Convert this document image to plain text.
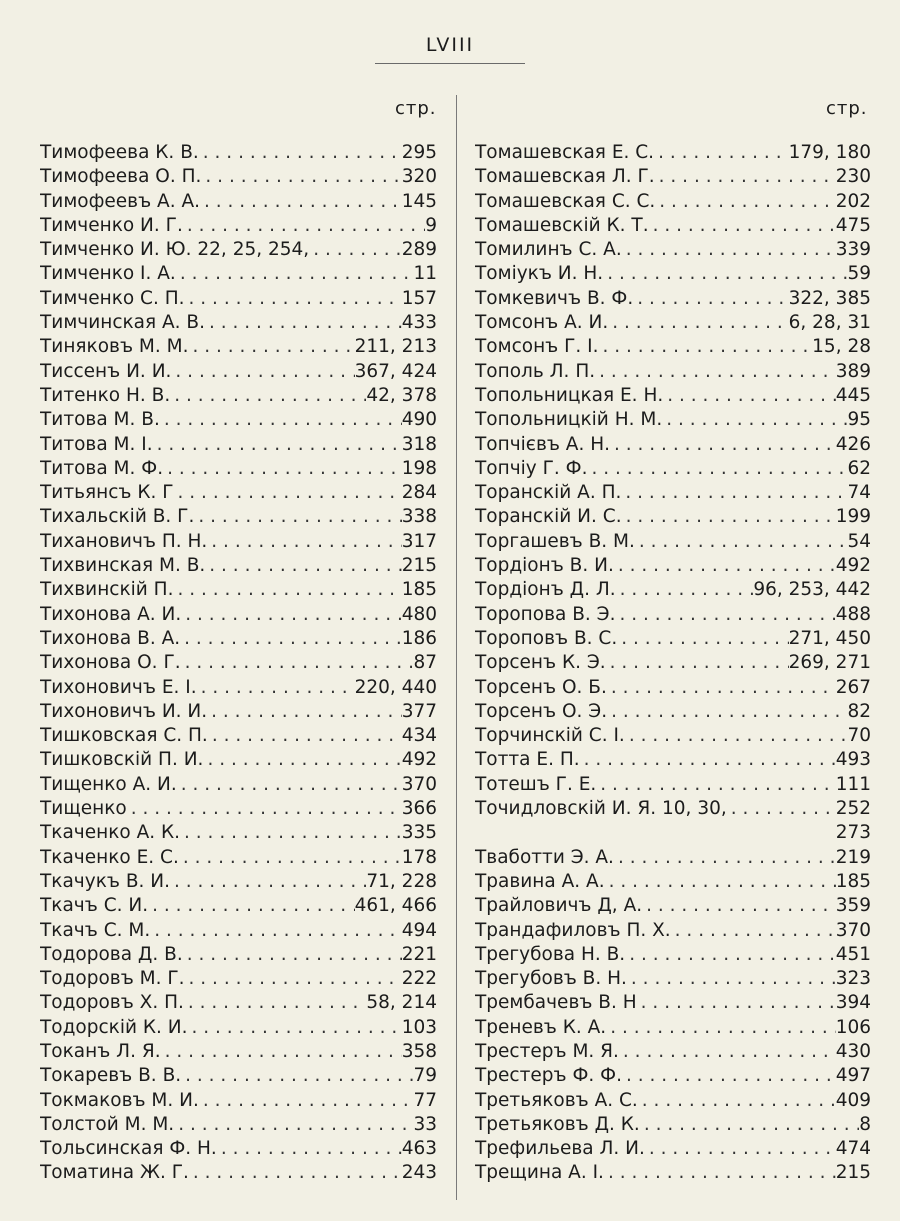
LVIII
стр.	стр.
Тимофеева К. В. . . .	295
Тимофеева О. П. . . .	320
Тимофеевъ А. А. . . .	145
Тимченко И. Г. . . .	9
Тимченко И. Ю. 22, 25, 254, . . .	289
Тимченко І. А. . . .	11
Тимченко С. П. . . .	157
Тимчинская А. В. . . .	433
Тиняковъ М. М. . . .	211, 213
Тиссенъ И. И. . . .	367, 424
Титенко Н. В. . . .	42, 378
Титова М. В. . . .	490
Титова М. І. . . .	318
Титова М. Ф. . . .	198
Титьянсъ К. Г . . .	284
Тихальскій В. Г. . . .	338
Тихановичъ П. Н. . . .	317
Тихвинская М. В. . . .	215
Тихвинскій П. . . .	185
Тихонова А. И. . . .	480
Тихонова В. А. . . .	186
Тихонова О. Г. . . .	87
Тихоновичъ Е. І. . . .	220, 440
Тихоновичъ И. И. . . .	377
Тишковская С. П. . . .	434
Тишковскій П. И. . . .	492
Тищенко А. И. . . .	370
Тищенко . . .	366
Ткаченко А. К. . . .	335
Ткаченко Е. С. . . .	178
Ткачукъ В. И. . . .	71, 228
Ткачъ С. И. . . .	461, 466
Ткачъ С. М. . . .	494
Тодорова Д. В. . . .	221
Тодоровъ М. Г. . . .	222
Тодоровъ Х. П. . . .	58, 214
Тодорскій К. И. . . .	103
Токанъ Л. Я. . . .	358
Токаревъ В. В. . . .	79
Токмаковъ М. И. . . .	77
Толстой М. М. . . .	33
Тольсинская Ф. Н. . . .	463
Томатина Ж. Г. . . .	243
Томашевская Е. С. . . .	179, 180
Томашевская Л. Г. . . .	230
Томашевская С. С. . . .	202
Томашевскій К. Т. . . .	475
Томилинъ С. А. . . .	339
Томіукъ И. Н. . . .	59
Томкевичъ В. Ф. . . .	322, 385
Томсонъ А. И. . . .	6, 28, 31
Томсонъ Г. І. . . .	15, 28
Тополь Л. П. . . .	389
Топольницкая Е. Н. . . .	445
Топольницкій Н. М. . . .	95
Топчієвъ А. Н. . . .	426
Топчіу Г. Ф. . . .	62
Торанскій А. П. . . .	74
Торанскій И. С. . . .	199
Торгашевъ В. М. . . .	54
Тордіонъ В. И. . . .	492
Тордіонъ Д. Л. . . .	96, 253, 442
Торопова В. Э. . . .	488
Тороповъ В. С. . . .	271, 450
Торсенъ К. Э. . . .	269, 271
Торсенъ О. Б. . . .	267
Торсенъ О. Э. . . .	82
Торчинскій С. І. . . .	70
Тотта Е. П. . . .	493
Тотешъ Г. Е. . . .	111
Точидловскій И. Я. 10, 30, . . .	252
273
Тваботти Э. А. . . .	219
Травина А. А. . . .	185
Трайловичъ Д, А. . . .	359
Трандафиловъ П. Х. . . .	370
Трегубова Н. В. . . .	451
Трегубовъ В. Н. . . .	323
Трембачевъ В. Н . . .	394
Треневъ К. А. . . .	106
Трестеръ М. Я. . . .	430
Трестеръ Ф. Ф. . . .	497
Третьяковъ А. С. . . .	409
Третьяковъ Д. К. . . .	8
Трефильева Л. И. . . .	474
Трещина А. І. . . .	215
